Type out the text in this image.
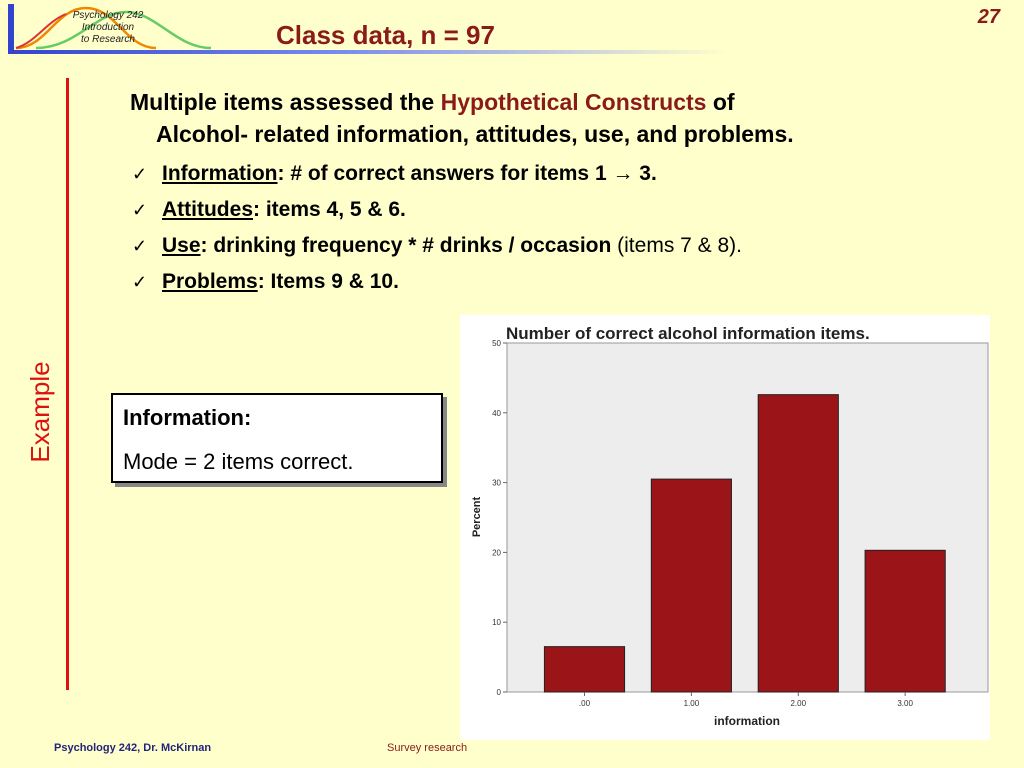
Psychology 242
Introduction
to Research	Class data, n = 97
27
Example
Multiple items assessed the Hypothetical Constructs of
Alcohol- related information, attitudes, use, and problems.
✓ Information: # of correct answers for items 1 → 3.
✓ Attitudes: items 4, 5 & 6.
✓ Use: drinking frequency * # drinks / occasion (items 7 & 8).
✓ Problems: Items 9 & 10.
Information:
Mode = 2 items correct.
Number of correct alcohol information items.
0
10
20
30
40
50
.00	1.00	2.00	3.00
Percent
information
Psychology 242, Dr. McKirnan	Survey research
